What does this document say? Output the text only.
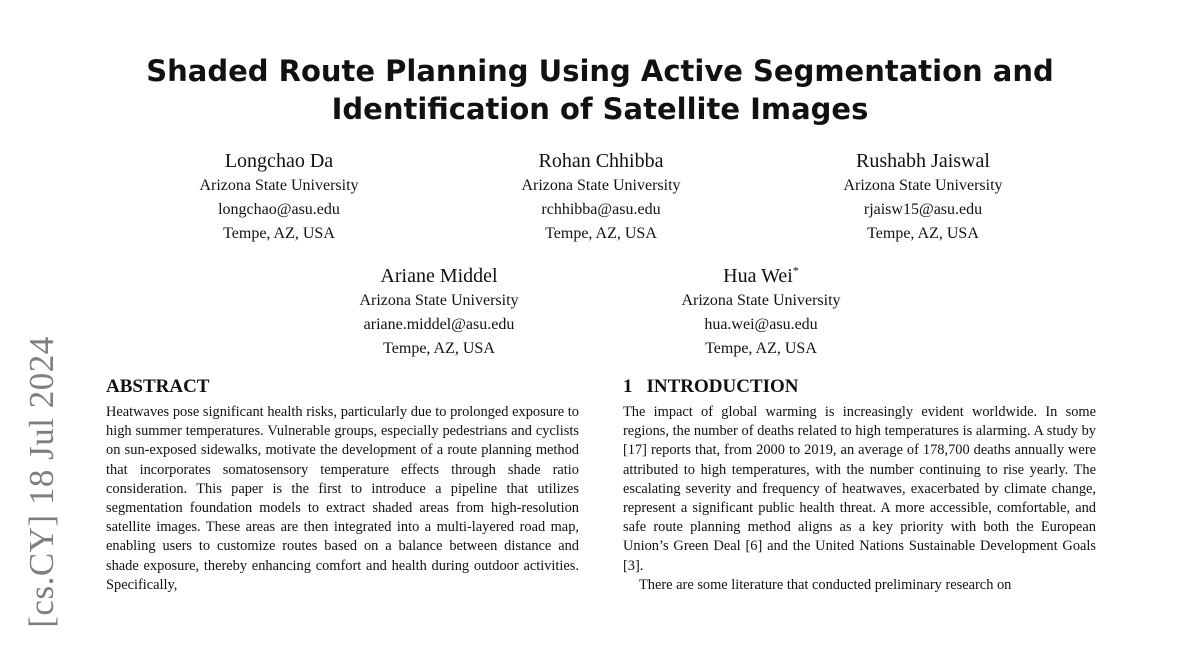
[cs.CY] 18 Jul 2024
Shaded Route Planning Using Active Segmentation and
Identification of Satellite Images
Longchao Da
Arizona State University
longchao@asu.edu
Tempe, AZ, USA
Rohan Chhibba
Arizona State University
rchhibba@asu.edu
Tempe, AZ, USA
Rushabh Jaiswal
Arizona State University
rjaisw15@asu.edu
Tempe, AZ, USA
Ariane Middel
Arizona State University
ariane.middel@asu.edu
Tempe, AZ, USA
Hua Wei*
Arizona State University
hua.wei@asu.edu
Tempe, AZ, USA
ABSTRACT

Heatwaves pose significant health risks, particularly due to prolonged exposure to high summer temperatures. Vulnerable groups, especially pedestrians and cyclists on sun-exposed sidewalks, motivate the development of a route planning method that incorporates somatosensory temperature effects through shade ratio consideration. This paper is the first to introduce a pipeline that utilizes segmentation foundation models to extract shaded areas from high-resolution satellite images. These areas are then integrated into a multi-layered road map, enabling users to customize routes based on a balance between distance and shade exposure, thereby enhancing comfort and health during outdoor activities. Specifically,

1 INTRODUCTION

The impact of global warming is increasingly evident worldwide. In some regions, the number of deaths related to high temperatures is alarming. A study by [17] reports that, from 2000 to 2019, an average of 178,700 deaths annually were attributed to high temperatures, with the number continuing to rise yearly. The escalating severity and frequency of heatwaves, exacerbated by climate change, represent a significant public health threat. A more accessible, comfortable, and safe route planning method aligns as a key priority with both the European Union’s Green Deal [6] and the United Nations Sustainable Development Goals [3].

There are some literature that conducted preliminary research on
